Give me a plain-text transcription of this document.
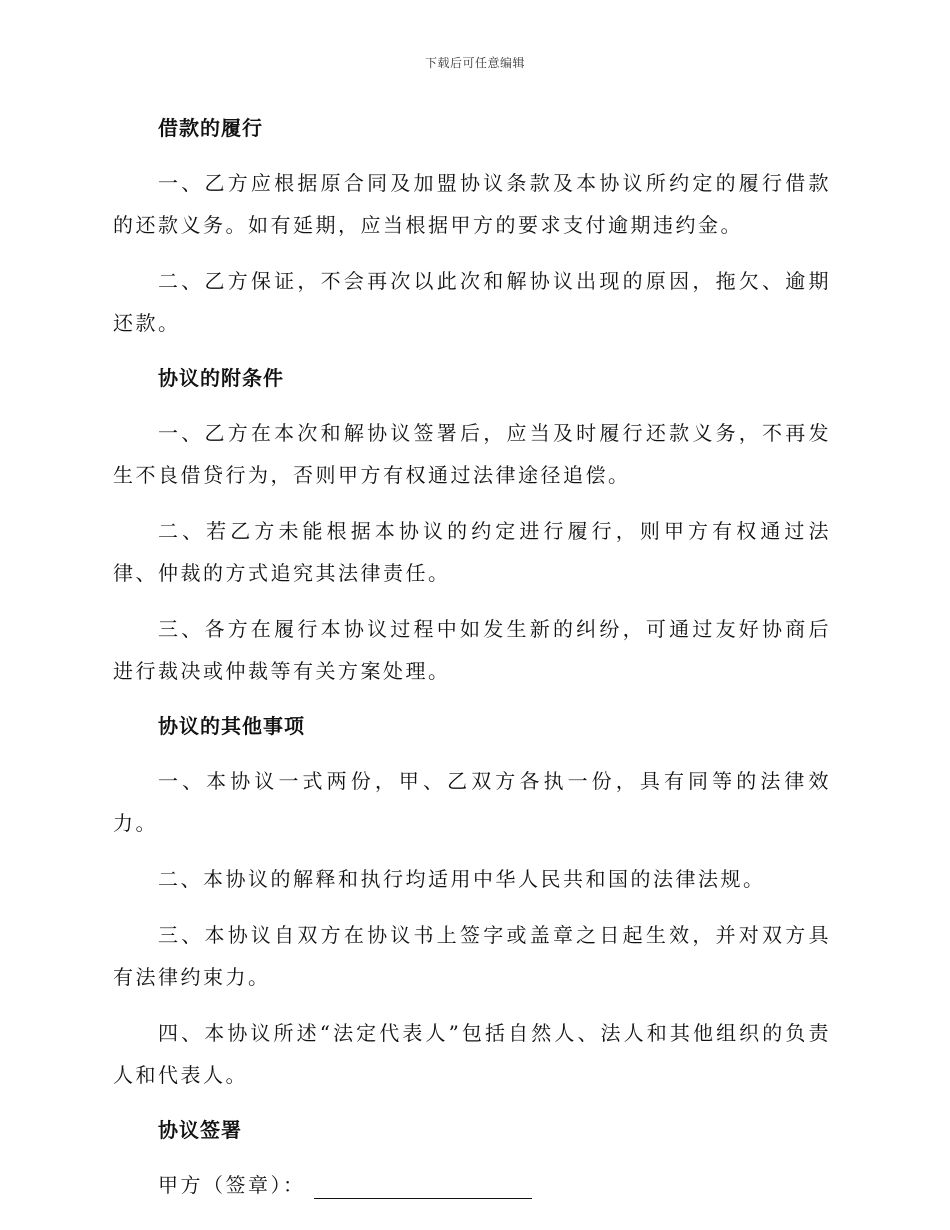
下载后可任意编辑
借款的履行
一、乙方应根据原合同及加盟协议条款及本协议所约定的履行借款的还款义务。如有延期，应当根据甲方的要求支付逾期违约金。
二、乙方保证，不会再次以此次和解协议出现的原因，拖欠、逾期还款。
协议的附条件
一、乙方在本次和解协议签署后，应当及时履行还款义务，不再发生不良借贷行为，否则甲方有权通过法律途径追偿。
二、若乙方未能根据本协议的约定进行履行，则甲方有权通过法律、仲裁的方式追究其法律责任。
三、各方在履行本协议过程中如发生新的纠纷，可通过友好协商后进行裁决或仲裁等有关方案处理。
协议的其他事项
一、本协议一式两份，甲、乙双方各执一份，具有同等的法律效力。
二、本协议的解释和执行均适用中华人民共和国的法律法规。
三、本协议自双方在协议书上签字或盖章之日起生效，并对双方具有法律约束力。
四、本协议所述“法定代表人”包括自然人、法人和其他组织的负责人和代表人。
协议签署
甲方（签章）：
